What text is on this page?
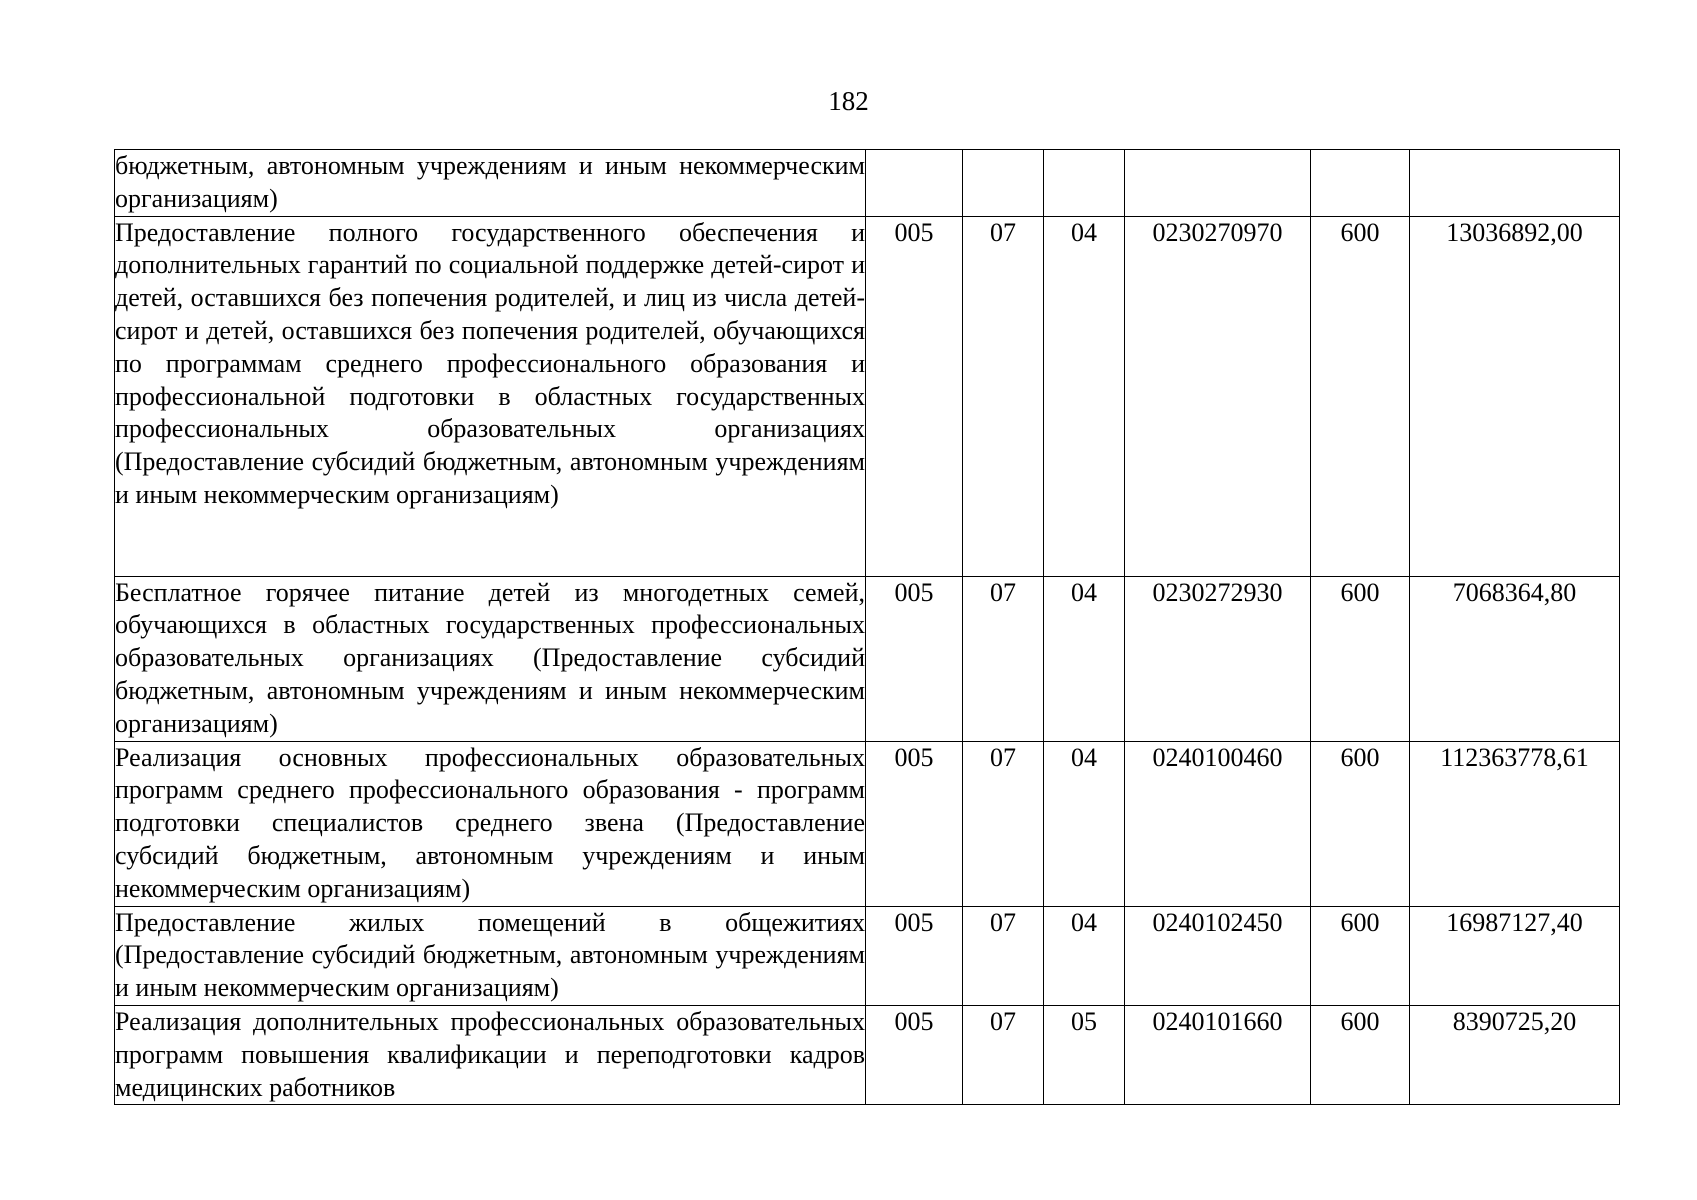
182
бюджетным, автономным учреждениям и иным некоммерческим организациям)						
Предоставление полного государственного обеспечения и дополнительных гарантий по социальной поддержке детей-сирот и детей, оставшихся без попечения родителей, и лиц из числа детей-сирот и детей, оставшихся без попечения родителей, обучающихся по программам среднего профессионального образования и профессиональной подготовки в областных государственных профессиональных образовательных организациях (Предоставление субсидий бюджетным, автономным учреждениям и иным некоммерческим организациям)	005	07	04	0230270970	600	13036892,00
Бесплатное горячее питание детей из многодетных семей, обучающихся в областных государственных профессиональных образовательных организациях (Предоставление субсидий бюджетным, автономным учреждениям и иным некоммерческим организациям)	005	07	04	0230272930	600	7068364,80
Реализация основных профессиональных образовательных программ среднего профессионального образования - программ подготовки специалистов среднего звена (Предоставление субсидий бюджетным, автономным учреждениям и иным некоммерческим организациям)	005	07	04	0240100460	600	112363778,61
Предоставление жилых помещений в общежитиях (Предоставление субсидий бюджетным, автономным учреждениям и иным некоммерческим организациям)	005	07	04	0240102450	600	16987127,40
Реализация дополнительных профессиональных образовательных программ повышения квалификации и переподготовки кадров медицинских работников	005	07	05	0240101660	600	8390725,20
